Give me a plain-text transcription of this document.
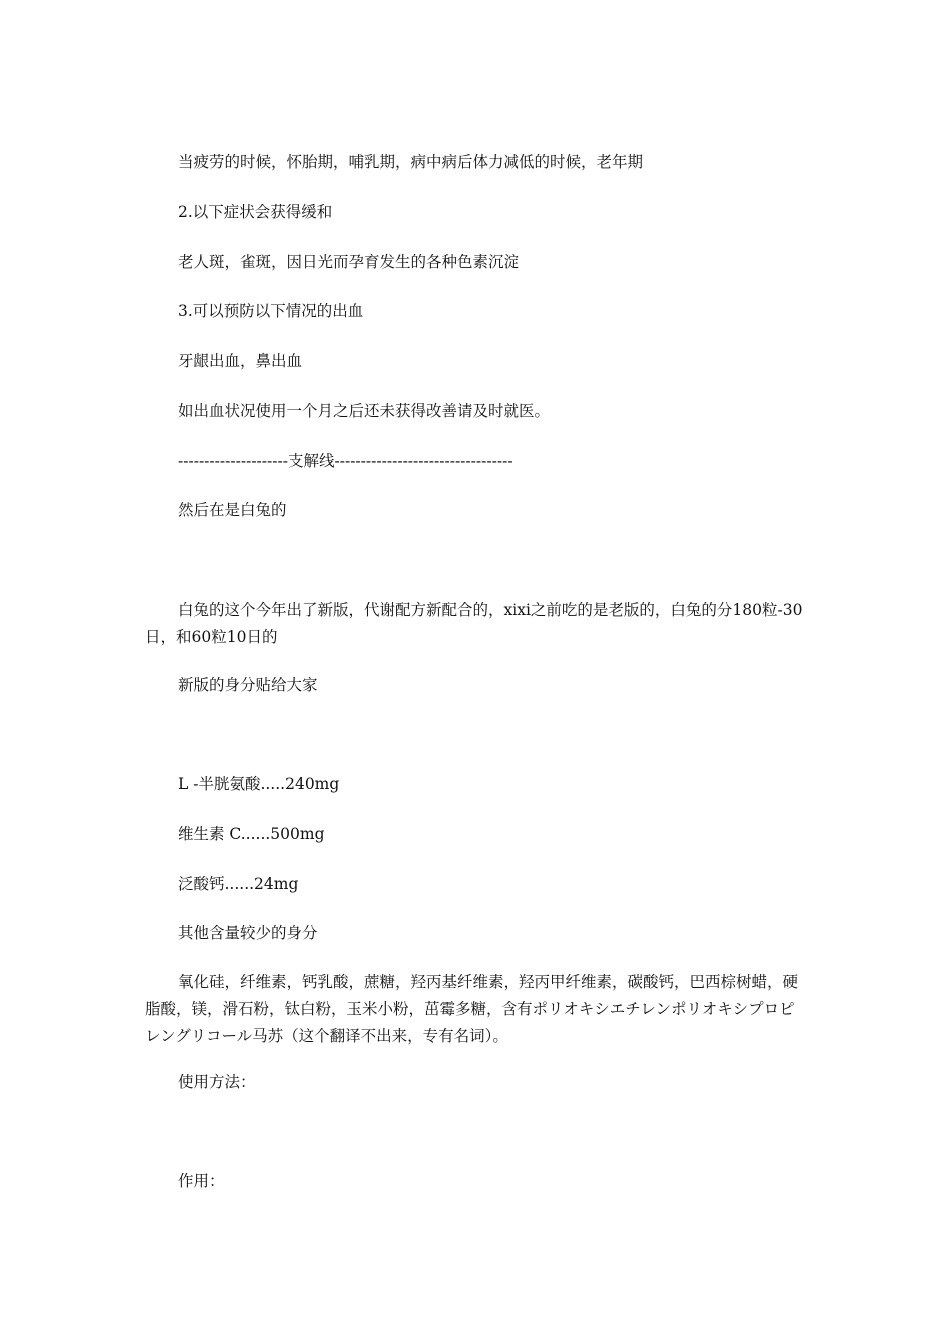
当疲劳的时候，怀胎期，哺乳期，病中病后体力减低的时候，老年期

2.以下症状会获得缓和

老人斑，雀斑，因日光而孕育发生的各种色素沉淀

3.可以预防以下情况的出血

牙龈出血，鼻出血

如出血状况使用一个月之后还未获得改善请及时就医。

---------------------支解线----------------------------------

然后在是白兔的

白兔的这个今年出了新版，代谢配方新配合的，xixi之前吃的是老版的，白兔的分180粒-30日，和60粒10日的

新版的身分贴给大家

L -半胱氨酸.....240mg

维生素 C......500mg

泛酸钙......24mg

其他含量较少的身分

氧化硅，纤维素，钙乳酸，蔗糖，羟丙基纤维素，羟丙甲纤维素，碳酸钙，巴西棕树蜡，硬脂酸，镁，滑石粉，钛白粉，玉米小粉，茁霉多糖，含有ポリオキシエチレンポリオキシプロピレングリコール马苏（这个翻译不出来，专有名词）。

使用方法：

作用：
